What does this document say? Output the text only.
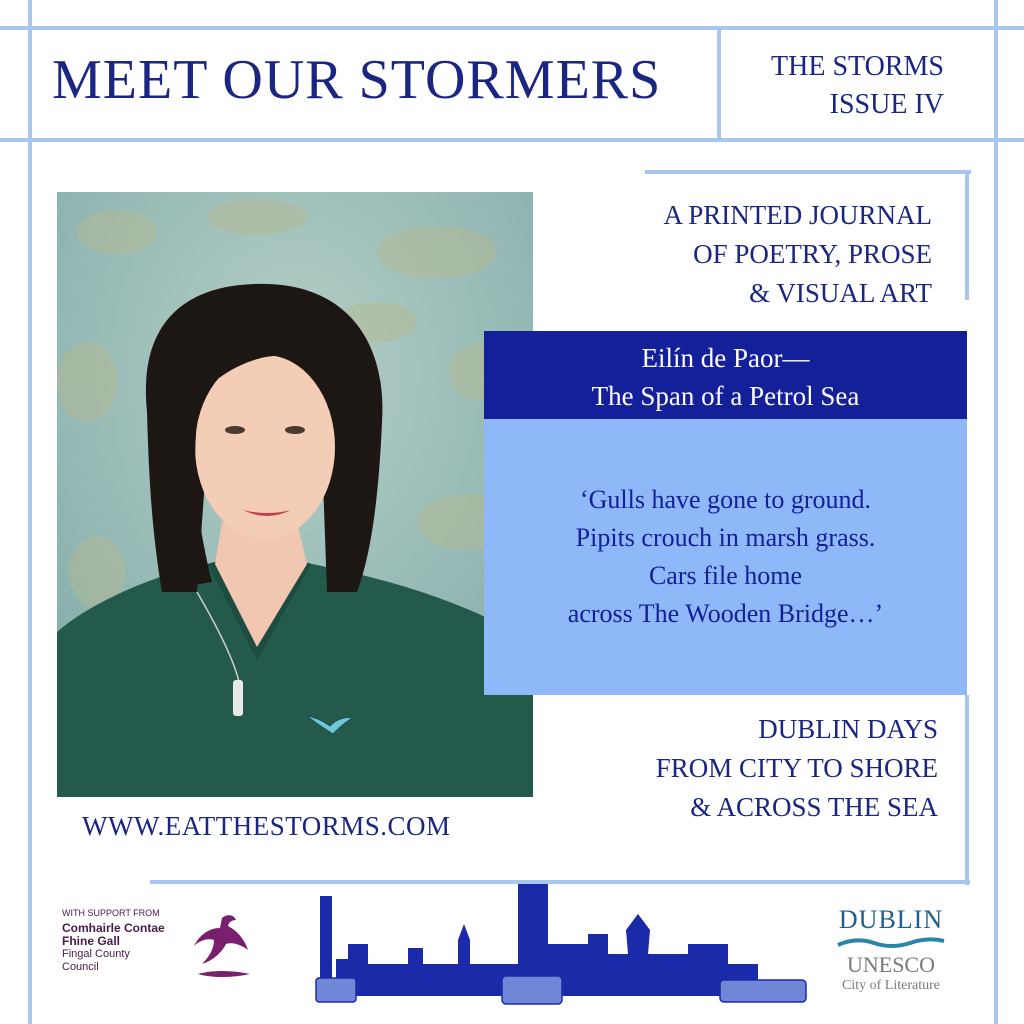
MEET OUR STORMERS	THE STORMS
ISSUE IV
A PRINTED JOURNAL
OF POETRY, PROSE
& VISUAL ART
Eilín de Paor—
The Span of a Petrol Sea
‘Gulls have gone to ground.
Pipits crouch in marsh grass.
Cars file home
across The Wooden Bridge…’
DUBLIN DAYS
FROM CITY TO SHORE
& ACROSS THE SEA
WWW.EATTHESTORMS.COM
WITH SUPPORT FROM
Comhairle Contae
Fhine Gall
Fingal County
Council
DUBLIN
UNESCO
City of Literature
